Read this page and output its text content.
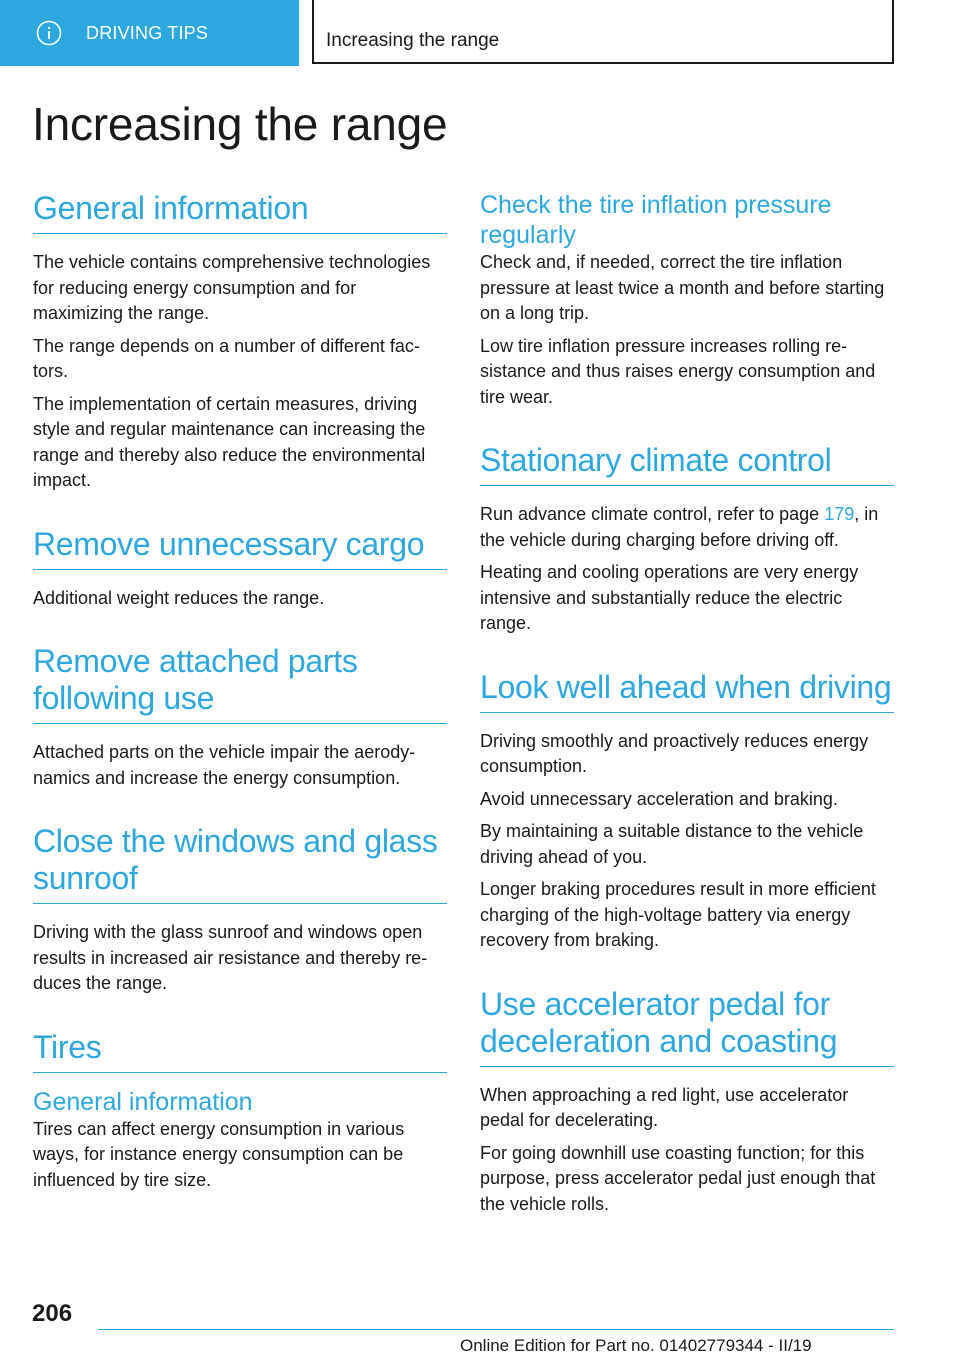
DRIVING TIPS	Increasing the range
Increasing the range
General information

The vehicle contains comprehensive technologies for reducing energy consumption and for maximizing the range.

The range depends on a number of different factors.

The implementation of certain measures, driving style and regular maintenance can increasing the range and thereby also reduce the environmental impact.

Remove unnecessary cargo

Additional weight reduces the range.

Remove attached parts following use

Attached parts on the vehicle impair the aerodynamics and increase the energy consumption.

Close the windows and glass sunroof

Driving with the glass sunroof and windows open results in increased air resistance and thereby reduces the range.

Tires
General information

Tires can affect energy consumption in various ways, for instance energy consumption can be influenced by tire size.

Check the tire inflation pressure regularly

Check and, if needed, correct the tire inflation pressure at least twice a month and before starting on a long trip.

Low tire inflation pressure increases rolling resistance and thus raises energy consumption and tire wear.

Stationary climate control

Run advance climate control, refer to page 179, in the vehicle during charging before driving off.

Heating and cooling operations are very energy intensive and substantially reduce the electric range.

Look well ahead when driving

Driving smoothly and proactively reduces energy consumption.

Avoid unnecessary acceleration and braking.

By maintaining a suitable distance to the vehicle driving ahead of you.

Longer braking procedures result in more efficient charging of the high-voltage battery via energy recovery from braking.

Use accelerator pedal for deceleration and coasting

When approaching a red light, use accelerator pedal for decelerating.

For going downhill use coasting function; for this purpose, press accelerator pedal just enough that the vehicle rolls.

206
Online Edition for Part no. 01402779344 - II/19
